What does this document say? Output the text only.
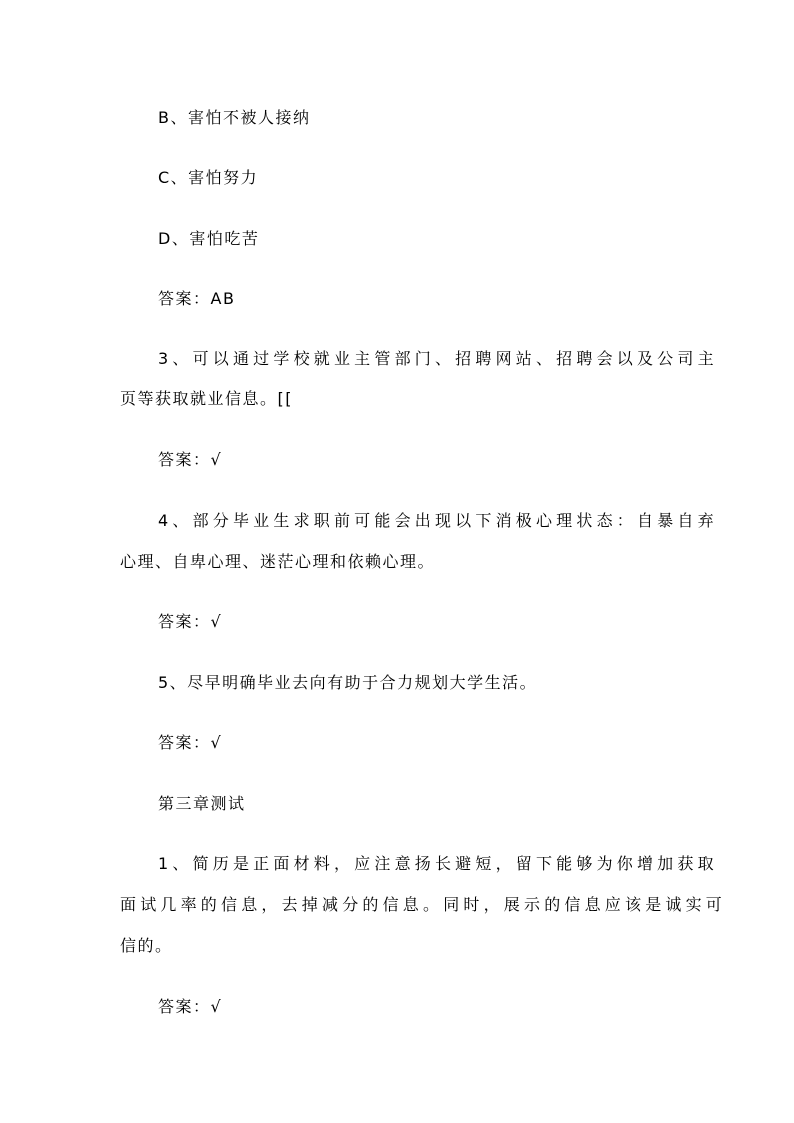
B、害怕不被人接纳
C、害怕努力
D、害怕吃苦
答案：AB
3、可以通过学校就业主管部门、招聘网站、招聘会以及公司主
页等获取就业信息。[[
答案：√
4、部分毕业生求职前可能会出现以下消极心理状态：自暴自弃
心理、自卑心理、迷茫心理和依赖心理。
答案：√
5、尽早明确毕业去向有助于合力规划大学生活。
答案：√
第三章测试
1、简历是正面材料，应注意扬长避短，留下能够为你增加获取
面试几率的信息，去掉减分的信息。同时，展示的信息应该是诚实可
信的。
答案：√
